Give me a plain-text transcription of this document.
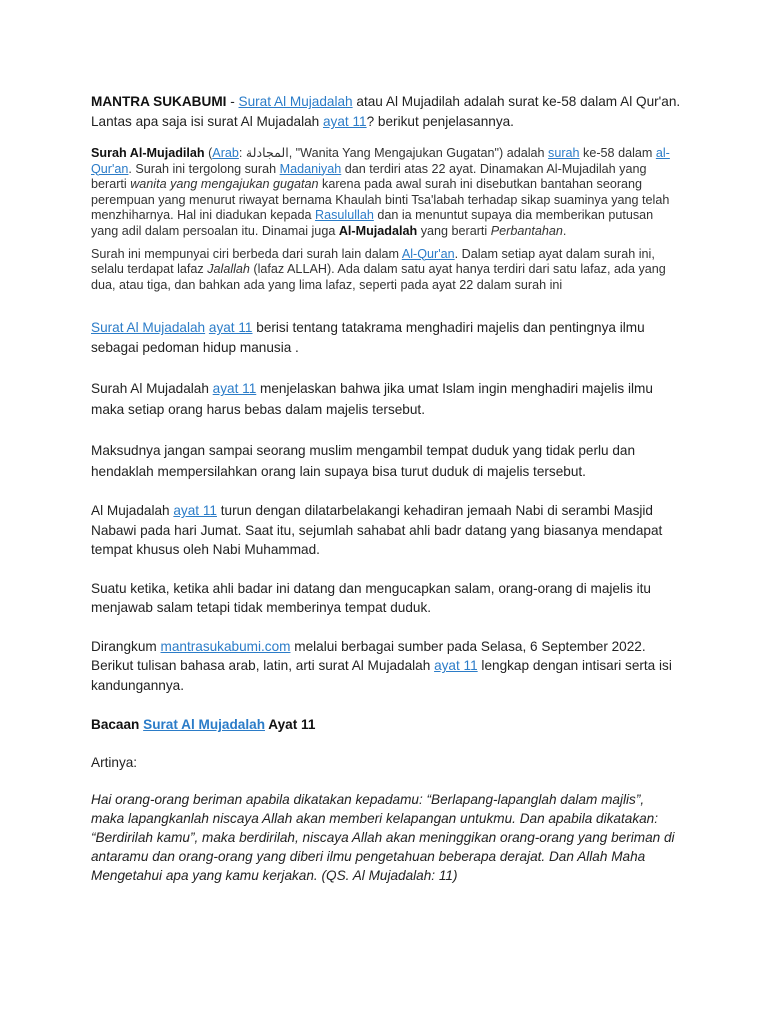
MANTRA SUKABUMI - Surat Al Mujadalah atau Al Mujadilah adalah surat ke-58 dalam Al Qur'an. Lantas apa saja isi surat Al Mujadalah ayat 11? berikut penjelasannya.

Surah Al-Mujadilah (Arab: المجادلة, "Wanita Yang Mengajukan Gugatan") adalah surah ke-58 dalam al-Qur'an. Surah ini tergolong surah Madaniyah dan terdiri atas 22 ayat. Dinamakan Al-Mujadilah yang berarti wanita yang mengajukan gugatan karena pada awal surah ini disebutkan bantahan seorang perempuan yang menurut riwayat bernama Khaulah binti Tsa'labah terhadap sikap suaminya yang telah menzhiharnya. Hal ini diadukan kepada Rasulullah dan ia menuntut supaya dia memberikan putusan yang adil dalam persoalan itu. Dinamai juga Al-Mujadalah yang berarti Perbantahan.

Surah ini mempunyai ciri berbeda dari surah lain dalam Al-Qur'an. Dalam setiap ayat dalam surah ini, selalu terdapat lafaz Jalallah (lafaz ALLAH). Ada dalam satu ayat hanya terdiri dari satu lafaz, ada yang dua, atau tiga, dan bahkan ada yang lima lafaz, seperti pada ayat 22 dalam surah ini

Surat Al Mujadalah ayat 11 berisi tentang tatakrama menghadiri majelis dan pentingnya ilmu sebagai pedoman hidup manusia .

Surah Al Mujadalah ayat 11 menjelaskan bahwa jika umat Islam ingin menghadiri majelis ilmu maka setiap orang harus bebas dalam majelis tersebut.

Maksudnya jangan sampai seorang muslim mengambil tempat duduk yang tidak perlu dan hendaklah mempersilahkan orang lain supaya bisa turut duduk di majelis tersebut.

Al Mujadalah ayat 11 turun dengan dilatarbelakangi kehadiran jemaah Nabi di serambi Masjid Nabawi pada hari Jumat. Saat itu, sejumlah sahabat ahli badr datang yang biasanya mendapat tempat khusus oleh Nabi Muhammad.

Suatu ketika, ketika ahli badar ini datang dan mengucapkan salam, orang-orang di majelis itu menjawab salam tetapi tidak memberinya tempat duduk.

Dirangkum mantrasukabumi.com melalui berbagai sumber pada Selasa, 6 September 2022. Berikut tulisan bahasa arab, latin, arti surat Al Mujadalah ayat 11 lengkap dengan intisari serta isi kandungannya.

Bacaan Surat Al Mujadalah Ayat 11

Artinya:

Hai orang-orang beriman apabila dikatakan kepadamu: “Berlapang-lapanglah dalam majlis”, maka lapangkanlah niscaya Allah akan memberi kelapangan untukmu. Dan apabila dikatakan: “Berdirilah kamu”, maka berdirilah, niscaya Allah akan meninggikan orang-orang yang beriman di antaramu dan orang-orang yang diberi ilmu pengetahuan beberapa derajat. Dan Allah Maha Mengetahui apa yang kamu kerjakan. (QS. Al Mujadalah: 11)
